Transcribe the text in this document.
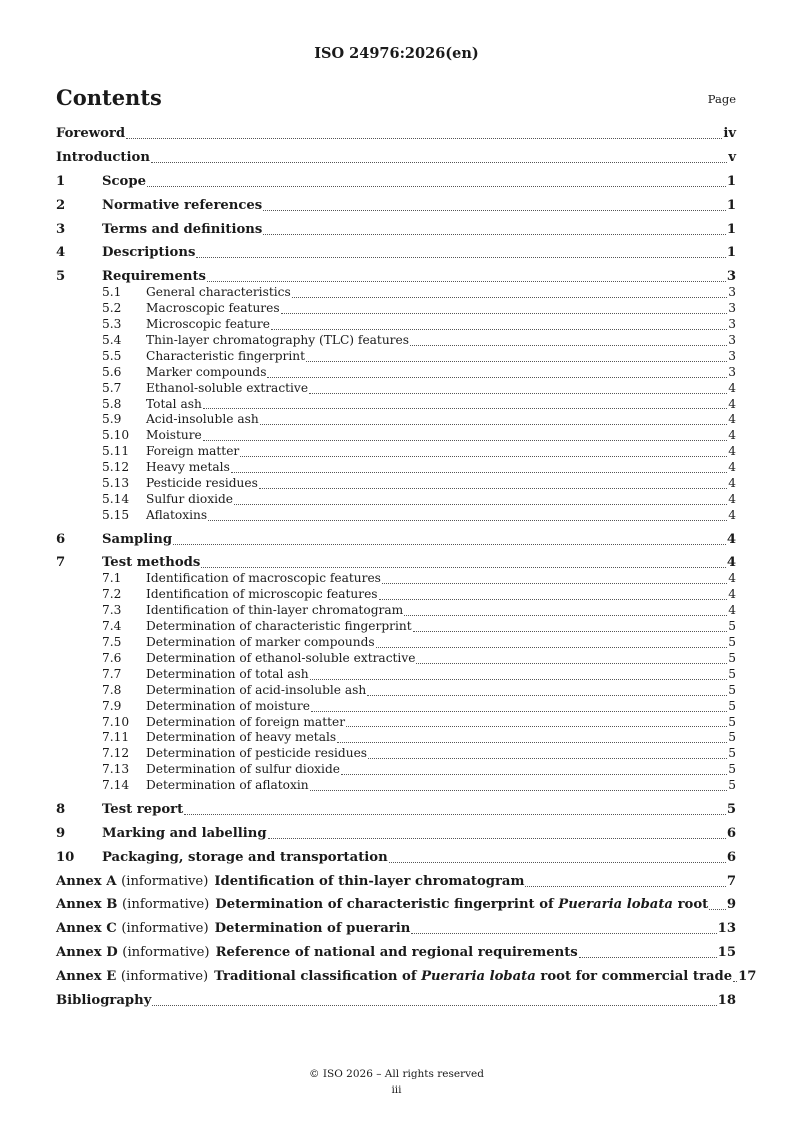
ISO 24976:2026(en)
Contents	Page
Foreword	iv
Introduction	v
1	Scope	1
2	Normative references	1
3	Terms and definitions	1
4	Descriptions	1
5	Requirements	3
5.1	General characteristics	3
5.2	Macroscopic features	3
5.3	Microscopic feature	3
5.4	Thin-layer chromatography (TLC) features	3
5.5	Characteristic fingerprint	3
5.6	Marker compounds	3
5.7	Ethanol-soluble extractive	4
5.8	Total ash	4
5.9	Acid-insoluble ash	4
5.10	Moisture	4
5.11	Foreign matter	4
5.12	Heavy metals	4
5.13	Pesticide residues	4
5.14	Sulfur dioxide	4
5.15	Aflatoxins	4
6	Sampling	4
7	Test methods	4
7.1	Identification of macroscopic features	4
7.2	Identification of microscopic features	4
7.3	Identification of thin-layer chromatogram	4
7.4	Determination of characteristic fingerprint	5
7.5	Determination of marker compounds	5
7.6	Determination of ethanol-soluble extractive	5
7.7	Determination of total ash	5
7.8	Determination of acid-insoluble ash	5
7.9	Determination of moisture	5
7.10	Determination of foreign matter	5
7.11	Determination of heavy metals	5
7.12	Determination of pesticide residues	5
7.13	Determination of sulfur dioxide	5
7.14	Determination of aflatoxin	5
8	Test report	5
9	Marking and labelling	6
10	Packaging, storage and transportation	6
Annex A (informative) Identification of thin-layer chromatogram	7
Annex B (informative) Determination of characteristic fingerprint of Pueraria lobata root 9
Annex C (informative) Determination of puerarin	13
Annex D (informative) Reference of national and regional requirements	15
Annex E (informative) Traditional classification of Pueraria lobata root for commercial trade 17
Bibliography	18
© ISO 2026 – All rights reserved
iii
